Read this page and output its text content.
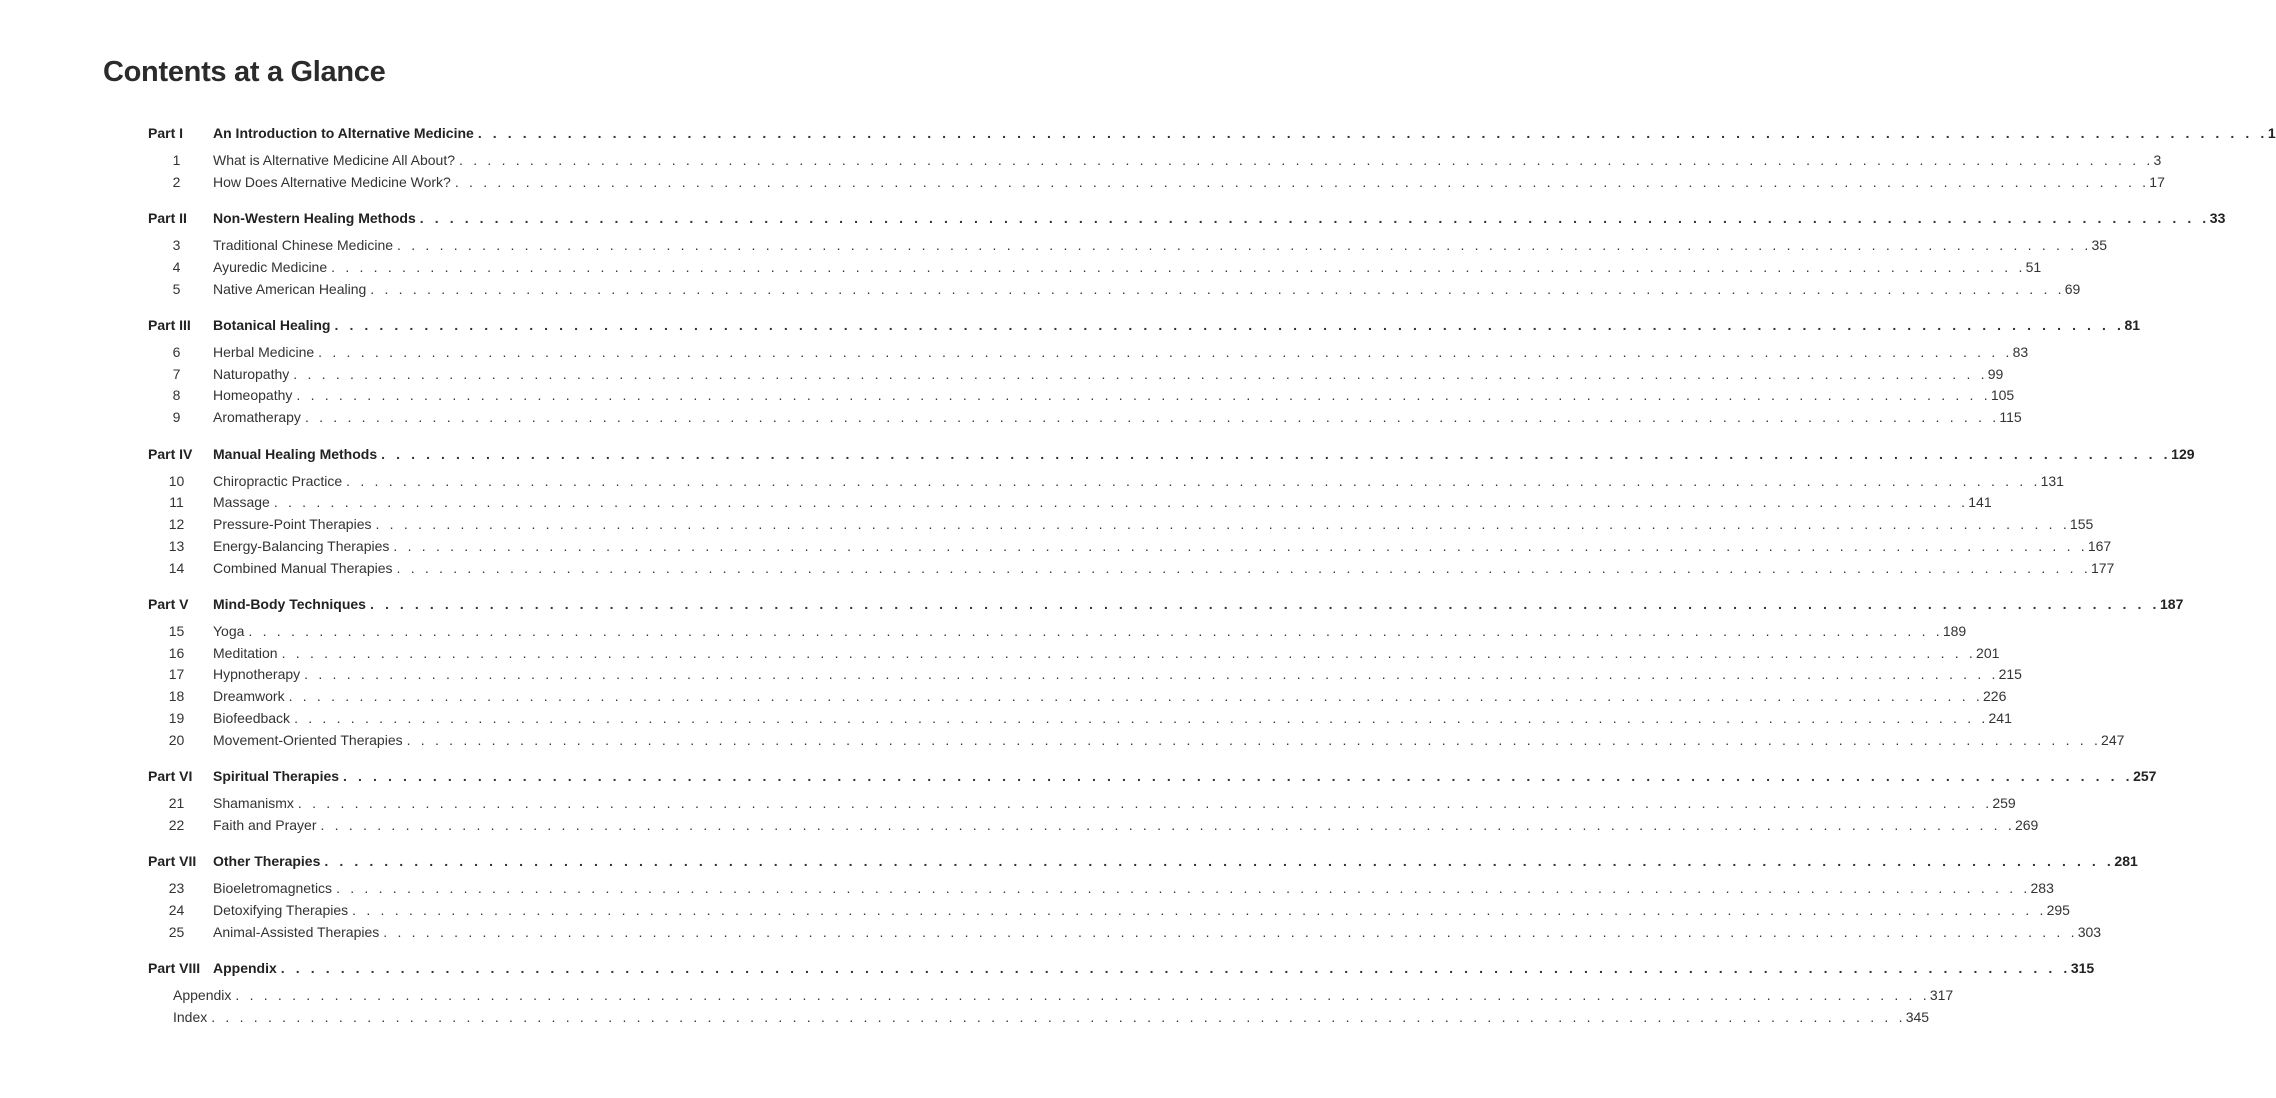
Contents at a Glance
Part I An Introduction to Alternative Medicine . . . . . . . . . . . . . . . . . . . . . . . . . . . . . . . . . . . . . . . . . . . . . . . . . . . . . . . . . . . . . . . . . . . . . . . . . . . . . . . . . . . . . . . . . . . . . . . . . . . . . . . . . . . . . . . . . . . . . . . . 1
1	What is Alternative Medicine All About? . . . . . . . . . . . . . . . . . . . . . . . . . . . . . . . . . . . . . . . . . . . . . . . . . . . . . . . . . . . . . . . . . . . . . . . . . . . . . . . . . . . . . . . . . . . . . . . . . . . . . . . . . . . . . . . . . . . . . . . . 3
2	How Does Alternative Medicine Work? . . . . . . . . . . . . . . . . . . . . . . . . . . . . . . . . . . . . . . . . . . . . . . . . . . . . . . . . . . . . . . . . . . . . . . . . . . . . . . . . . . . . . . . . . . . . . . . . . . . . . . . . . . . . . . . . . . . . . . . . 17
Part II Non-Western Healing Methods . . . . . . . . . . . . . . . . . . . . . . . . . . . . . . . . . . . . . . . . . . . . . . . . . . . . . . . . . . . . . . . . . . . . . . . . . . . . . . . . . . . . . . . . . . . . . . . . . . . . . . . . . . . . . . . . . . . . . . . . 33
3	Traditional Chinese Medicine . . . . . . . . . . . . . . . . . . . . . . . . . . . . . . . . . . . . . . . . . . . . . . . . . . . . . . . . . . . . . . . . . . . . . . . . . . . . . . . . . . . . . . . . . . . . . . . . . . . . . . . . . . . . . . . . . . . . . . . . 35
4	Ayuredic Medicine . . . . . . . . . . . . . . . . . . . . . . . . . . . . . . . . . . . . . . . . . . . . . . . . . . . . . . . . . . . . . . . . . . . . . . . . . . . . . . . . . . . . . . . . . . . . . . . . . . . . . . . . . . . . . . . . . . . . . . . . 51
5	Native American Healing . . . . . . . . . . . . . . . . . . . . . . . . . . . . . . . . . . . . . . . . . . . . . . . . . . . . . . . . . . . . . . . . . . . . . . . . . . . . . . . . . . . . . . . . . . . . . . . . . . . . . . . . . . . . . . . . . . . . . . . . 69
Part III Botanical Healing . . . . . . . . . . . . . . . . . . . . . . . . . . . . . . . . . . . . . . . . . . . . . . . . . . . . . . . . . . . . . . . . . . . . . . . . . . . . . . . . . . . . . . . . . . . . . . . . . . . . . . . . . . . . . . . . . . . . . . . . 81
6	Herbal Medicine . . . . . . . . . . . . . . . . . . . . . . . . . . . . . . . . . . . . . . . . . . . . . . . . . . . . . . . . . . . . . . . . . . . . . . . . . . . . . . . . . . . . . . . . . . . . . . . . . . . . . . . . . . . . . . . . . . . . . . . . 83
7	Naturopathy . . . . . . . . . . . . . . . . . . . . . . . . . . . . . . . . . . . . . . . . . . . . . . . . . . . . . . . . . . . . . . . . . . . . . . . . . . . . . . . . . . . . . . . . . . . . . . . . . . . . . . . . . . . . . . . . . . . . . . . . 99
8	Homeopathy . . . . . . . . . . . . . . . . . . . . . . . . . . . . . . . . . . . . . . . . . . . . . . . . . . . . . . . . . . . . . . . . . . . . . . . . . . . . . . . . . . . . . . . . . . . . . . . . . . . . . . . . . . . . . . . . . . . . . . . . 105
9	Aromatherapy . . . . . . . . . . . . . . . . . . . . . . . . . . . . . . . . . . . . . . . . . . . . . . . . . . . . . . . . . . . . . . . . . . . . . . . . . . . . . . . . . . . . . . . . . . . . . . . . . . . . . . . . . . . . . . . . . . . . . . . . 115
Part IV Manual Healing Methods . . . . . . . . . . . . . . . . . . . . . . . . . . . . . . . . . . . . . . . . . . . . . . . . . . . . . . . . . . . . . . . . . . . . . . . . . . . . . . . . . . . . . . . . . . . . . . . . . . . . . . . . . . . . . . . . . . . . . . . . 129
10	Chiropractic Practice . . . . . . . . . . . . . . . . . . . . . . . . . . . . . . . . . . . . . . . . . . . . . . . . . . . . . . . . . . . . . . . . . . . . . . . . . . . . . . . . . . . . . . . . . . . . . . . . . . . . . . . . . . . . . . . . . . . . . . . . 131
11	Massage . . . . . . . . . . . . . . . . . . . . . . . . . . . . . . . . . . . . . . . . . . . . . . . . . . . . . . . . . . . . . . . . . . . . . . . . . . . . . . . . . . . . . . . . . . . . . . . . . . . . . . . . . . . . . . . . . . . . . . . . 141
12	Pressure-Point Therapies . . . . . . . . . . . . . . . . . . . . . . . . . . . . . . . . . . . . . . . . . . . . . . . . . . . . . . . . . . . . . . . . . . . . . . . . . . . . . . . . . . . . . . . . . . . . . . . . . . . . . . . . . . . . . . . . . . . . . . . . 155
13	Energy-Balancing Therapies . . . . . . . . . . . . . . . . . . . . . . . . . . . . . . . . . . . . . . . . . . . . . . . . . . . . . . . . . . . . . . . . . . . . . . . . . . . . . . . . . . . . . . . . . . . . . . . . . . . . . . . . . . . . . . . . . . . . . . . . 167
14	Combined Manual Therapies . . . . . . . . . . . . . . . . . . . . . . . . . . . . . . . . . . . . . . . . . . . . . . . . . . . . . . . . . . . . . . . . . . . . . . . . . . . . . . . . . . . . . . . . . . . . . . . . . . . . . . . . . . . . . . . . . . . . . . . . 177
Part V Mind-Body Techniques . . . . . . . . . . . . . . . . . . . . . . . . . . . . . . . . . . . . . . . . . . . . . . . . . . . . . . . . . . . . . . . . . . . . . . . . . . . . . . . . . . . . . . . . . . . . . . . . . . . . . . . . . . . . . . . . . . . . . . . . 187
15	Yoga . . . . . . . . . . . . . . . . . . . . . . . . . . . . . . . . . . . . . . . . . . . . . . . . . . . . . . . . . . . . . . . . . . . . . . . . . . . . . . . . . . . . . . . . . . . . . . . . . . . . . . . . . . . . . . . . . . . . . . . . 189
16	Meditation . . . . . . . . . . . . . . . . . . . . . . . . . . . . . . . . . . . . . . . . . . . . . . . . . . . . . . . . . . . . . . . . . . . . . . . . . . . . . . . . . . . . . . . . . . . . . . . . . . . . . . . . . . . . . . . . . . . . . . . . 201
17	Hypnotherapy . . . . . . . . . . . . . . . . . . . . . . . . . . . . . . . . . . . . . . . . . . . . . . . . . . . . . . . . . . . . . . . . . . . . . . . . . . . . . . . . . . . . . . . . . . . . . . . . . . . . . . . . . . . . . . . . . . . . . . . . 215
18	Dreamwork . . . . . . . . . . . . . . . . . . . . . . . . . . . . . . . . . . . . . . . . . . . . . . . . . . . . . . . . . . . . . . . . . . . . . . . . . . . . . . . . . . . . . . . . . . . . . . . . . . . . . . . . . . . . . . . . . . . . . . . . 226
19	Biofeedback . . . . . . . . . . . . . . . . . . . . . . . . . . . . . . . . . . . . . . . . . . . . . . . . . . . . . . . . . . . . . . . . . . . . . . . . . . . . . . . . . . . . . . . . . . . . . . . . . . . . . . . . . . . . . . . . . . . . . . . . 241
20	Movement-Oriented Therapies . . . . . . . . . . . . . . . . . . . . . . . . . . . . . . . . . . . . . . . . . . . . . . . . . . . . . . . . . . . . . . . . . . . . . . . . . . . . . . . . . . . . . . . . . . . . . . . . . . . . . . . . . . . . . . . . . . . . . . . . 247
Part VI Spiritual Therapies . . . . . . . . . . . . . . . . . . . . . . . . . . . . . . . . . . . . . . . . . . . . . . . . . . . . . . . . . . . . . . . . . . . . . . . . . . . . . . . . . . . . . . . . . . . . . . . . . . . . . . . . . . . . . . . . . . . . . . . . 257
21	Shamanismx . . . . . . . . . . . . . . . . . . . . . . . . . . . . . . . . . . . . . . . . . . . . . . . . . . . . . . . . . . . . . . . . . . . . . . . . . . . . . . . . . . . . . . . . . . . . . . . . . . . . . . . . . . . . . . . . . . . . . . . . 259
22	Faith and Prayer . . . . . . . . . . . . . . . . . . . . . . . . . . . . . . . . . . . . . . . . . . . . . . . . . . . . . . . . . . . . . . . . . . . . . . . . . . . . . . . . . . . . . . . . . . . . . . . . . . . . . . . . . . . . . . . . . . . . . . . . 269
Part VII Other Therapies . . . . . . . . . . . . . . . . . . . . . . . . . . . . . . . . . . . . . . . . . . . . . . . . . . . . . . . . . . . . . . . . . . . . . . . . . . . . . . . . . . . . . . . . . . . . . . . . . . . . . . . . . . . . . . . . . . . . . . . . 281
23	Bioeletromagnetics . . . . . . . . . . . . . . . . . . . . . . . . . . . . . . . . . . . . . . . . . . . . . . . . . . . . . . . . . . . . . . . . . . . . . . . . . . . . . . . . . . . . . . . . . . . . . . . . . . . . . . . . . . . . . . . . . . . . . . . . 283
24	Detoxifying Therapies . . . . . . . . . . . . . . . . . . . . . . . . . . . . . . . . . . . . . . . . . . . . . . . . . . . . . . . . . . . . . . . . . . . . . . . . . . . . . . . . . . . . . . . . . . . . . . . . . . . . . . . . . . . . . . . . . . . . . . . . 295
25	Animal-Assisted Therapies . . . . . . . . . . . . . . . . . . . . . . . . . . . . . . . . . . . . . . . . . . . . . . . . . . . . . . . . . . . . . . . . . . . . . . . . . . . . . . . . . . . . . . . . . . . . . . . . . . . . . . . . . . . . . . . . . . . . . . . . 303
Part VIII Appendix . . . . . . . . . . . . . . . . . . . . . . . . . . . . . . . . . . . . . . . . . . . . . . . . . . . . . . . . . . . . . . . . . . . . . . . . . . . . . . . . . . . . . . . . . . . . . . . . . . . . . . . . . . . . . . . . . . . . . . . . 315
Appendix . . . . . . . . . . . . . . . . . . . . . . . . . . . . . . . . . . . . . . . . . . . . . . . . . . . . . . . . . . . . . . . . . . . . . . . . . . . . . . . . . . . . . . . . . . . . . . . . . . . . . . . . . . . . . . . . . . . . . . . . 317
Index . . . . . . . . . . . . . . . . . . . . . . . . . . . . . . . . . . . . . . . . . . . . . . . . . . . . . . . . . . . . . . . . . . . . . . . . . . . . . . . . . . . . . . . . . . . . . . . . . . . . . . . . . . . . . . . . . . . . . . . . 345
